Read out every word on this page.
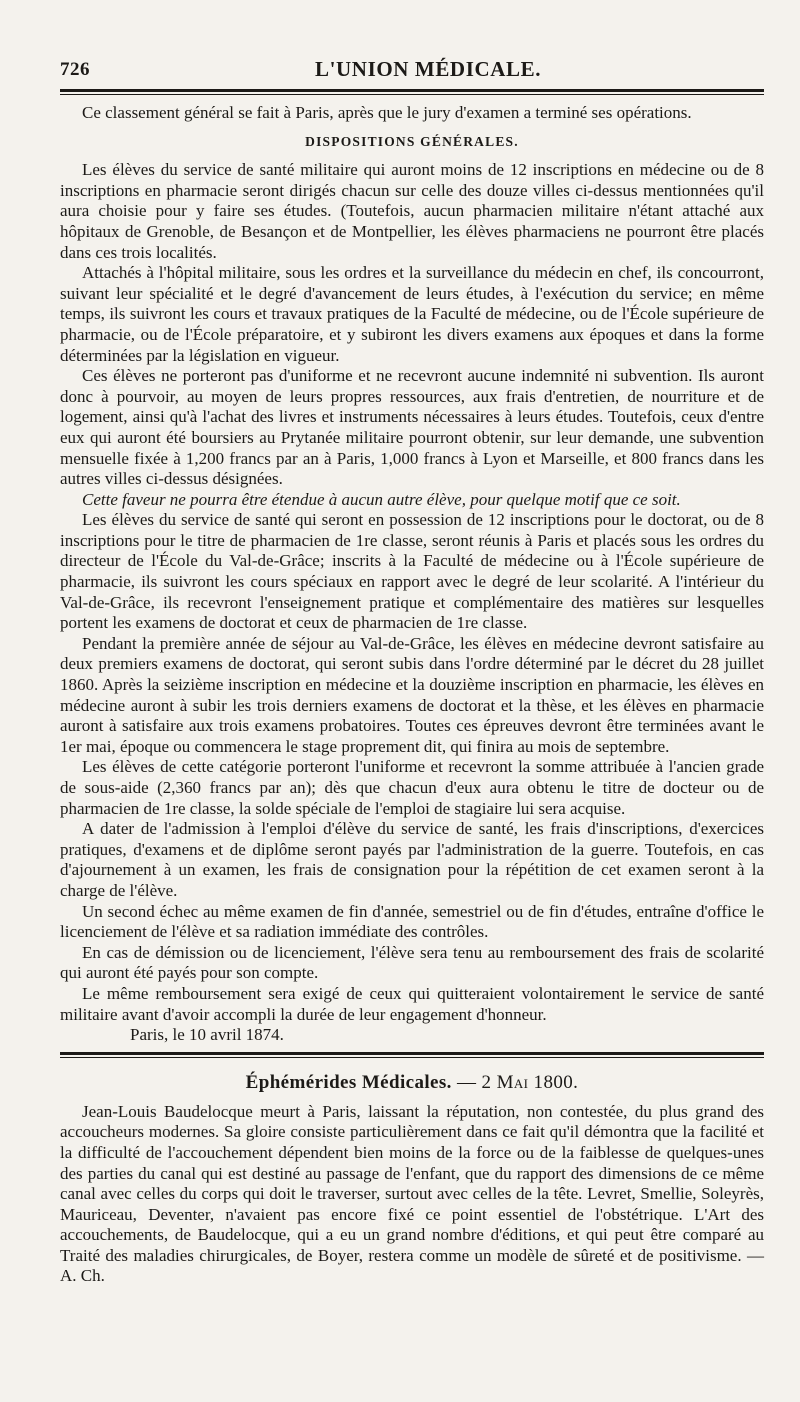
726	L'UNION MÉDICALE.

Ce classement général se fait à Paris, après que le jury d'examen a terminé ses opérations.

DISPOSITIONS GÉNÉRALES.

Les élèves du service de santé militaire qui auront moins de 12 inscriptions en médecine ou de 8 inscriptions en pharmacie seront dirigés chacun sur celle des douze villes ci-dessus mentionnées qu'il aura choisie pour y faire ses études. (Toutefois, aucun pharmacien militaire n'étant attaché aux hôpitaux de Grenoble, de Besançon et de Montpellier, les élèves pharmaciens ne pourront être placés dans ces trois localités.

Attachés à l'hôpital militaire, sous les ordres et la surveillance du médecin en chef, ils concourront, suivant leur spécialité et le degré d'avancement de leurs études, à l'exécution du service; en même temps, ils suivront les cours et travaux pratiques de la Faculté de médecine, ou de l'École supérieure de pharmacie, ou de l'École préparatoire, et y subiront les divers examens aux époques et dans la forme déterminées par la législation en vigueur.

Ces élèves ne porteront pas d'uniforme et ne recevront aucune indemnité ni subvention. Ils auront donc à pourvoir, au moyen de leurs propres ressources, aux frais d'entretien, de nourriture et de logement, ainsi qu'à l'achat des livres et instruments nécessaires à leurs études. Toutefois, ceux d'entre eux qui auront été boursiers au Prytanée militaire pourront obtenir, sur leur demande, une subvention mensuelle fixée à 1,200 francs par an à Paris, 1,000 francs à Lyon et Marseille, et 800 francs dans les autres villes ci-dessus désignées.

Cette faveur ne pourra être étendue à aucun autre élève, pour quelque motif que ce soit.

Les élèves du service de santé qui seront en possession de 12 inscriptions pour le doctorat, ou de 8 inscriptions pour le titre de pharmacien de 1re classe, seront réunis à Paris et placés sous les ordres du directeur de l'École du Val-de-Grâce; inscrits à la Faculté de médecine ou à l'École supérieure de pharmacie, ils suivront les cours spéciaux en rapport avec le degré de leur scolarité. A l'intérieur du Val-de-Grâce, ils recevront l'enseignement pratique et complémentaire des matières sur lesquelles portent les examens de doctorat et ceux de pharmacien de 1re classe.

Pendant la première année de séjour au Val-de-Grâce, les élèves en médecine devront satisfaire au deux premiers examens de doctorat, qui seront subis dans l'ordre déterminé par le décret du 28 juillet 1860. Après la seizième inscription en médecine et la douzième inscription en pharmacie, les élèves en médecine auront à subir les trois derniers examens de doctorat et la thèse, et les élèves en pharmacie auront à satisfaire aux trois examens probatoires. Toutes ces épreuves devront être terminées avant le 1er mai, époque ou commencera le stage proprement dit, qui finira au mois de septembre.

Les élèves de cette catégorie porteront l'uniforme et recevront la somme attribuée à l'ancien grade de sous-aide (2,360 francs par an); dès que chacun d'eux aura obtenu le titre de docteur ou de pharmacien de 1re classe, la solde spéciale de l'emploi de stagiaire lui sera acquise.

A dater de l'admission à l'emploi d'élève du service de santé, les frais d'inscriptions, d'exercices pratiques, d'examens et de diplôme seront payés par l'administration de la guerre. Toutefois, en cas d'ajournement à un examen, les frais de consignation pour la répétition de cet examen seront à la charge de l'élève.

Un second échec au même examen de fin d'année, semestriel ou de fin d'études, entraîne d'office le licenciement de l'élève et sa radiation immédiate des contrôles.

En cas de démission ou de licenciement, l'élève sera tenu au remboursement des frais de scolarité qui auront été payés pour son compte.

Le même remboursement sera exigé de ceux qui quitteraient volontairement le service de santé militaire avant d'avoir accompli la durée de leur engagement d'honneur.

Paris, le 10 avril 1874.

Éphémérides Médicales. — 2 Mai 1800.

Jean-Louis Baudelocque meurt à Paris, laissant la réputation, non contestée, du plus grand des accoucheurs modernes. Sa gloire consiste particulièrement dans ce fait qu'il démontra que la facilité et la difficulté de l'accouchement dépendent bien moins de la force ou de la faiblesse de quelques-unes des parties du canal qui est destiné au passage de l'enfant, que du rapport des dimensions de ce même canal avec celles du corps qui doit le traverser, surtout avec celles de la tête. Levret, Smellie, Soleyrès, Mauriceau, Deventer, n'avaient pas encore fixé ce point essentiel de l'obstétrique. L'Art des accouchements, de Baudelocque, qui a eu un grand nombre d'éditions, et qui peut être comparé au Traité des maladies chirurgicales, de Boyer, restera comme un modèle de sûreté et de positivisme. — A. Ch.
